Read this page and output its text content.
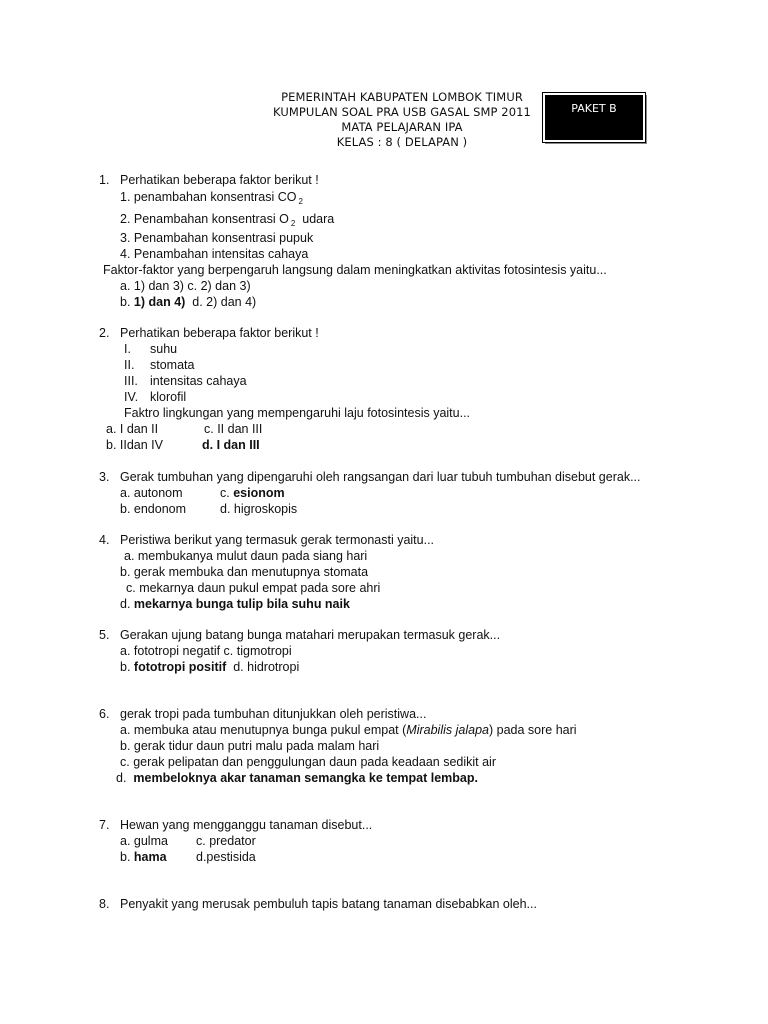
PEMERINTAH KABUPATEN LOMBOK TIMUR
KUMPULAN SOAL PRA USB GASAL SMP 2011
MATA PELAJARAN IPA
KELAS : 8 ( DELAPAN )
PAKET B
1. Perhatikan beberapa faktor berikut !
1. penambahan konsentrasi CO $_2$
2. Penambahan konsentrasi O $_2$ udara
3. Penambahan konsentrasi pupuk
4. Penambahan intensitas cahaya
Faktor-faktor yang berpengaruh langsung dalam meningkatkan aktivitas fotosintesis yaitu...
a. 1) dan 3) c. 2) dan 3)
b. 1) dan 4) d. 2) dan 4)
2. Perhatikan beberapa faktor berikut !
I. suhu
II. stomata
III. intensitas cahaya
IV. klorofil
Faktro lingkungan yang mempengaruhi laju fotosintesis yaitu...
a. I dan II	c. II dan III
b. IIdan IV	d. I dan III
3. Gerak tumbuhan yang dipengaruhi oleh rangsangan dari luar tubuh tumbuhan disebut gerak...
a. autonom	c. esionom
b. endonom	d. higroskopis
4. Peristiwa berikut yang termasuk gerak termonasti yaitu...
a. membukanya mulut daun pada siang hari
b. gerak membuka dan menutupnya stomata
c. mekarnya daun pukul empat pada sore ahri
d. mekarnya bunga tulip bila suhu naik
5. Gerakan ujung batang bunga matahari merupakan termasuk gerak...
a. fototropi negatif c. tigmotropi
b. fototropi positif d. hidrotropi
6. gerak tropi pada tumbuhan ditunjukkan oleh peristiwa...
a. membuka atau menutupnya bunga pukul empat (Mirabilis jalapa) pada sore hari
b. gerak tidur daun putri malu pada malam hari
c. gerak pelipatan dan penggulungan daun pada keadaan sedikit air
d. membeloknya akar tanaman semangka ke tempat lembap.
7. Hewan yang mengganggu tanaman disebut...
a. gulma c. predator
b. hama d.pestisida
8. Penyakit yang merusak pembuluh tapis batang tanaman disebabkan oleh...
